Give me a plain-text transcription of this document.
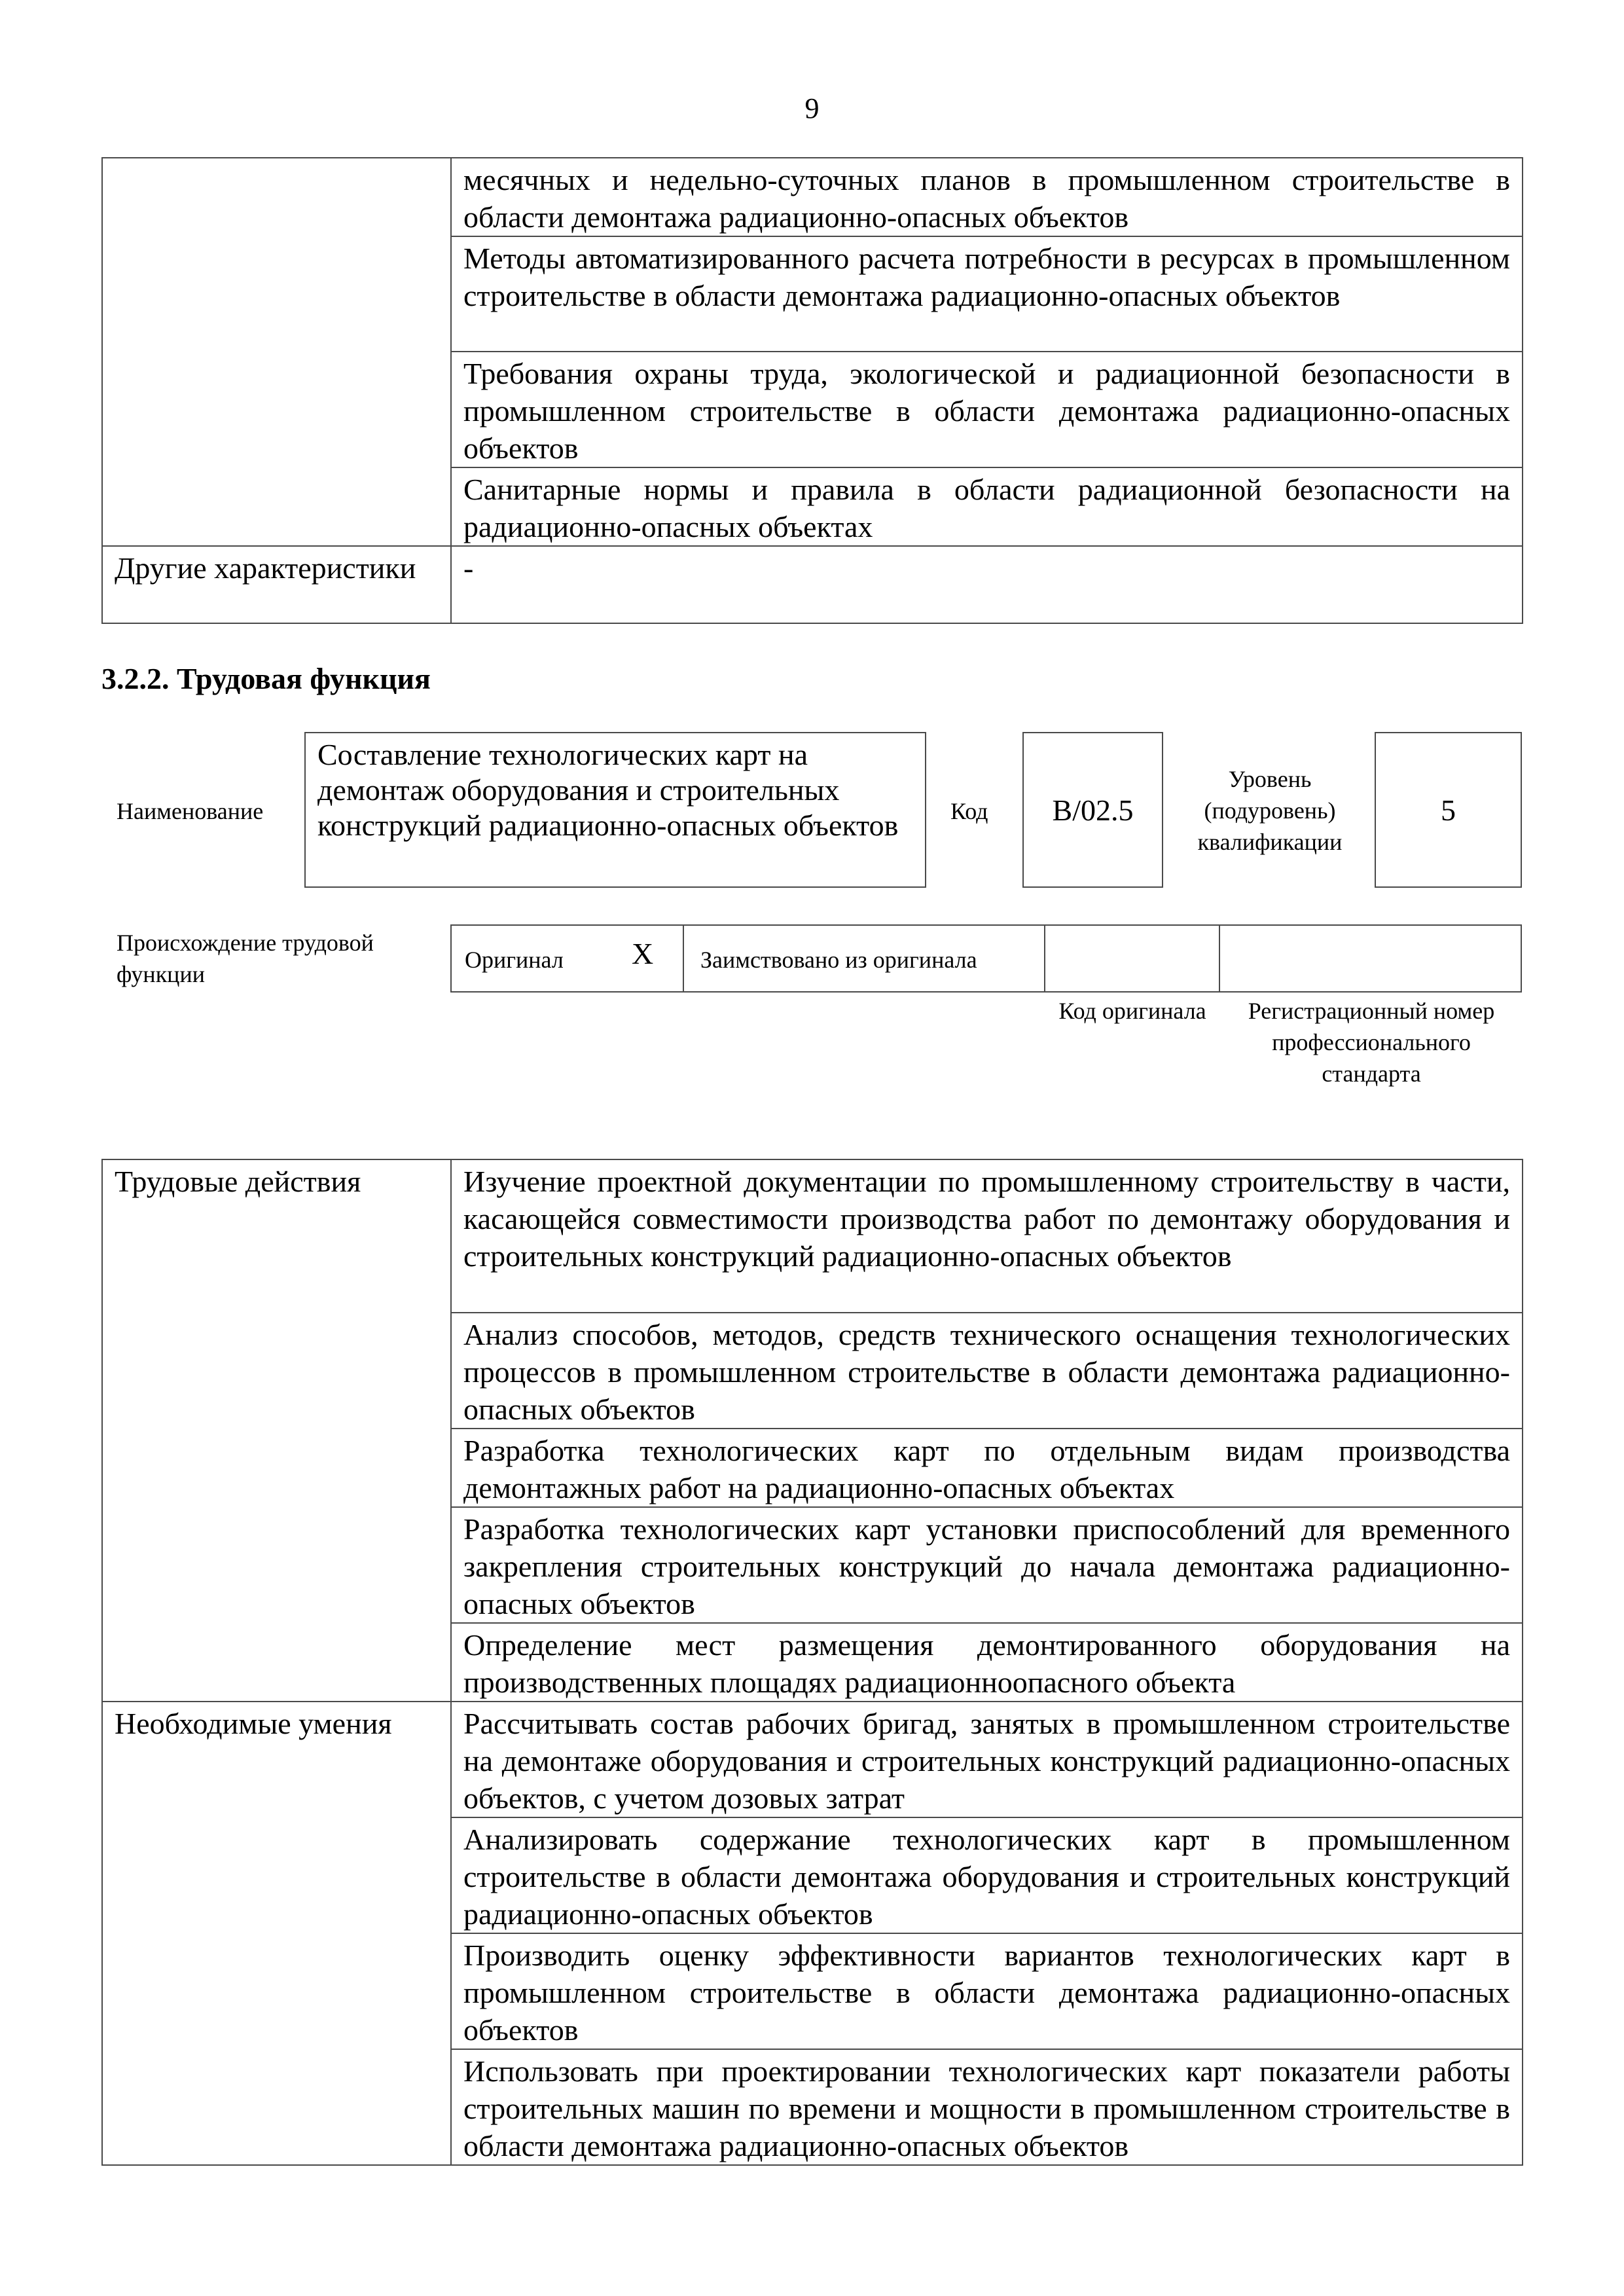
9
	месячных и недельно-суточных планов в промышленном строительстве в области демонтажа радиационно-опасных объектов
	Методы автоматизированного расчета потребности в ресурсах в промышленном строительстве в области демонтажа радиационно-опасных объектов
	Требования охраны труда, экологической и радиационной безопасности в промышленном строительстве в области демонтажа радиационно-опасных объектов
	Санитарные нормы и правила в области радиационной безопасности на радиационно-опасных объектах
Другие характеристики	-
3.2.2. Трудовая функция
Наименование
Составление технологических карт на демонтаж оборудования и строительных конструкций радиационно-опасных объектов	Код B/02.5
Уровень (подуровень) квалификации
5
Происхождение трудовой функции
Оригинал X Заимствовано из оригинала
Код оригинала	Регистрационный номер профессионального стандарта
Трудовые действия	Изучение проектной документации по промышленному строительству в части, касающейся совместимости производства работ по демонтажу оборудования и строительных конструкций радиационно-опасных объектов
	Анализ способов, методов, средств технического оснащения технологических процессов в промышленном строительстве в области демонтажа радиационно-опасных объектов
	Разработка технологических карт по отдельным видам производства демонтажных работ на радиационно-опасных объектах
	Разработка технологических карт установки приспособлений для временного закрепления строительных конструкций до начала демонтажа радиационно-опасных объектов
	Определение мест размещения демонтированного оборудования на производственных площадях радиационноопасного объекта
Необходимые умения	Рассчитывать состав рабочих бригад, занятых в промышленном строительстве на демонтаже оборудования и строительных конструкций радиационно-опасных объектов, с учетом дозовых затрат
	Анализировать содержание технологических карт в промышленном строительстве в области демонтажа оборудования и строительных конструкций радиационно-опасных объектов
	Производить оценку эффективности вариантов технологических карт в промышленном строительстве в области демонтажа радиационно-опасных объектов
	Использовать при проектировании технологических карт показатели работы строительных машин по времени и мощности в промышленном строительстве в области демонтажа радиационно-опасных объектов
